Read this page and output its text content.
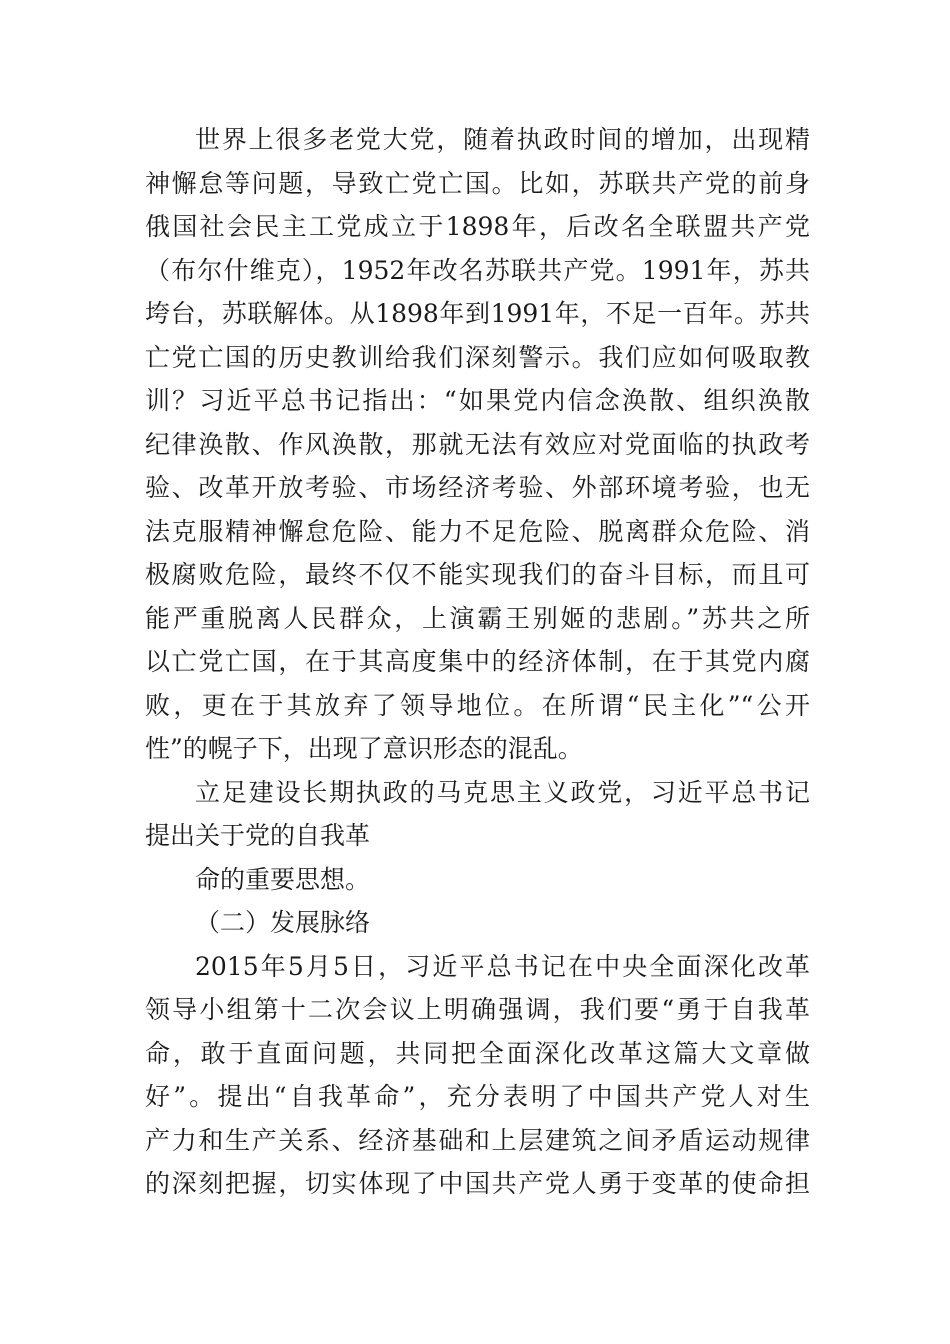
世界上很多老党大党，随着执政时间的增加，出现精
神懈怠等问题，导致亡党亡国。比如，苏联共产党的前身
俄国社会民主工党成立于1898年，后改名全联盟共产党
（布尔什维克），1952年改名苏联共产党。1991年，苏共
垮台，苏联解体。从1898年到1991年，不足一百年。苏共
亡党亡国的历史教训给我们深刻警示。我们应如何吸取教
训？习近平总书记指出：“如果党内信念涣散、组织涣散
纪律涣散、作风涣散，那就无法有效应对党面临的执政考
验、改革开放考验、市场经济考验、外部环境考验，也无
法克服精神懈怠危险、能力不足危险、脱离群众危险、消
极腐败危险，最终不仅不能实现我们的奋斗目标，而且可
能严重脱离人民群众，上演霸王别姬的悲剧。”苏共之所
以亡党亡国，在于其高度集中的经济体制，在于其党内腐
败，更在于其放弃了领导地位。在所谓“民主化”“公开
性”的幌子下，出现了意识形态的混乱。
立足建设长期执政的马克思主义政党，习近平总书记
提出关于党的自我革
命的重要思想。
（二）发展脉络
2015年5月5日，习近平总书记在中央全面深化改革
领导小组第十二次会议上明确强调，我们要“勇于自我革
命，敢于直面问题，共同把全面深化改革这篇大文章做
好”。提出“自我革命”，充分表明了中国共产党人对生
产力和生产关系、经济基础和上层建筑之间矛盾运动规律
的深刻把握，切实体现了中国共产党人勇于变革的使命担
